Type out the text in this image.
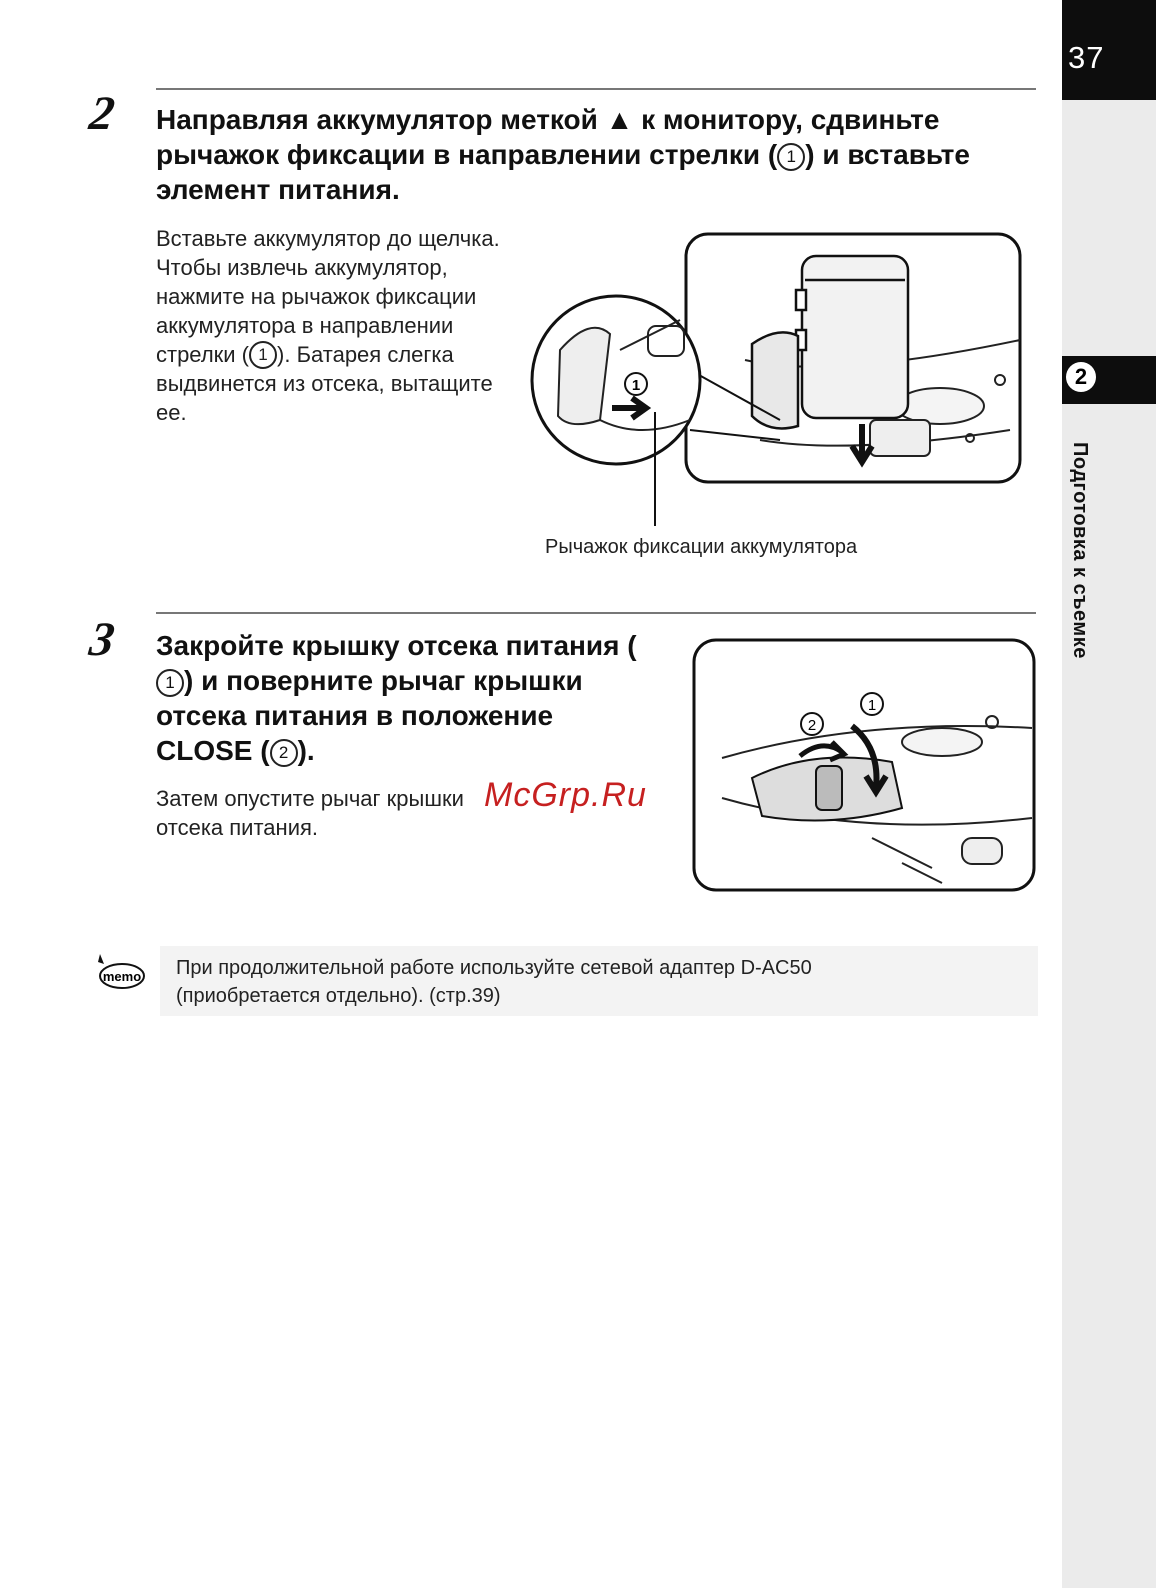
37
2
Подготовка к съемке
2 Направляя аккумулятор меткой ▲ к монитору, сдвиньте рычажок фиксации в направлении стрелки ( 1 ) и вставьте элемент питания.

Вставьте аккумулятор до щелчка.
Чтобы извлечь аккумулятор, нажмите на рычажок фиксации аккумулятора в направлении стрелки ( 1 ). Батарея слегка выдвинется из отсека, вытащите ее.

1
Рычажок фиксации аккумулятора
3 Закройте крышку отсека питания (1 ) и поверните рычаг крышки отсека питания в положение CLOSE ( 2 ).

Затем опустите рычаг крышки отсека питания.

1
2
McGrp.Ru
memo При продолжительной работе используйте сетевой адаптер D-AC50
(приобретается отдельно). (стр.39)
